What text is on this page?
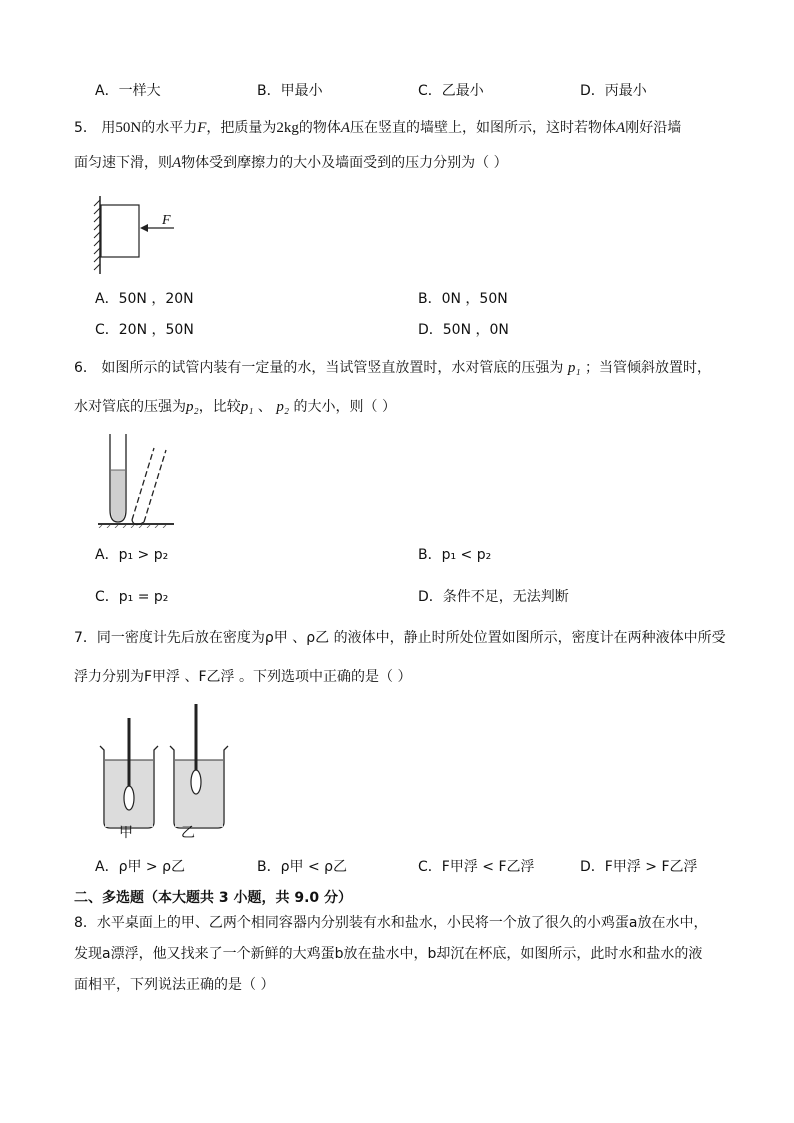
A．一样大	B．甲最小	C．乙最小	D．丙最小
5． 用50N的水平力F，把质量为2kg的物体A压在竖直的墙壁上，如图所示，这时若物体A刚好沿墙
面匀速下滑，则A物体受到摩擦力的大小及墙面受到的压力分别为（ ）
F
A．50N ，20N	B．0N ，50N
C．20N ，50N	D．50N ，0N
6． 如图所示的试管内装有一定量的水，当试管竖直放置时，水对管底的压强为 p₁ ；当管倾斜放置时，
水对管底的压强为p₂，比较p₁ 、 p₂ 的大小，则（ ）
A．p₁ > p₂	B．p₁ < p₂
C．p₁ = p₂	D．条件不足，无法判断
7．同一密度计先后放在密度为ρ甲 、ρ乙 的液体中，静止时所处位置如图所示，密度计在两种液体中所受
浮力分别为F甲浮 、F乙浮 。下列选项中正确的是（ ）
甲	乙
A．ρ甲 > ρ乙	B．ρ甲 < ρ乙	C．F甲浮 < F乙浮	D．F甲浮 > F乙浮
二、多选题（本大题共 3 小题，共 9.0 分）
8．水平桌面上的甲、乙两个相同容器内分别装有水和盐水，小民将一个放了很久的小鸡蛋a放在水中，
发现a漂浮，他又找来了一个新鲜的大鸡蛋b放在盐水中，b却沉在杯底，如图所示，此时水和盐水的液
面相平，下列说法正确的是（ ）
